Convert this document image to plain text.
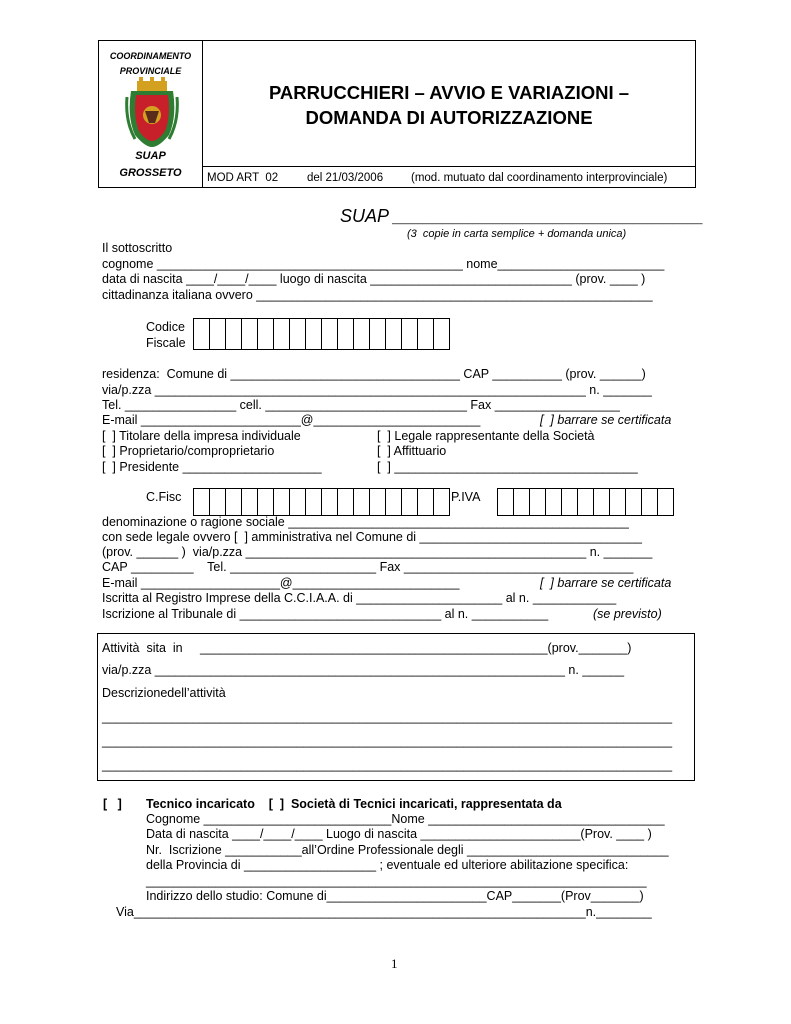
COORDINAMENTO
PROVINCIALE
SUAP
GROSSETO
PARRUCCHIERI – AVVIO E VARIAZIONI –
DOMANDA DI AUTORIZZAZIONE
MOD ART  02	del 21/03/2006 (mod. mutuato dal coordinamento interprovinciale)
SUAP _______________________________
(3  copie in carta semplice + domanda unica)
Il sottoscritto
cognome ____________________________________________ nome________________________
data di nascita ____/____/____ luogo di nascita _____________________________ (prov. ____ )
cittadinanza italiana ovvero _________________________________________________________
Codice
Fiscale
residenza:  Comune di _________________________________ CAP __________ (prov. ______)
via/p.zza ______________________________________________________________ n. _______
Tel. ________________ cell. _____________________________ Fax __________________
E-mail _______________________@________________________	[  ] barrare se certificata
[  ] Titolare della impresa individuale	[  ] Legale rappresentante della Società
[  ] Proprietario/comproprietario	[  ] Affittuario
[  ] Presidente ____________________	[  ] ___________________________________
C.Fisc	P.IVA
denominazione o ragione sociale _________________________________________________
con sede legale ovvero [  ] amministrativa nel Comune di ________________________________
(prov. ______ )  via/p.zza _________________________________________________ n. _______
CAP _________    Tel. _____________________ Fax _________________________________
E-mail ____________________@________________________	[  ] barrare se certificata
Iscritta al Registro Imprese della C.C.I.A.A. di _____________________ al n. ____________
Iscrizione al Tribunale di _____________________________ al n. ___________	(se previsto)
Attività  sita  in     __________________________________________________(prov._______)
via/p.zza ___________________________________________________________ n. ______
Descrizionedell’attività
__________________________________________________________________________________
__________________________________________________________________________________
__________________________________________________________________________________
[   ] Tecnico incaricato    [  ]  Società di Tecnici incaricati, rappresentata da
Cognome ___________________________Nome __________________________________
Data di nascita ____/____/____ Luogo di nascita _______________________(Prov. ____ )
Nr.  Iscrizione ___________all’Ordine Professionale degli _____________________________
della Provincia di ___________________ ; eventuale ed ulteriore abilitazione specifica:
________________________________________________________________________
Indirizzo dello studio: Comune di_______________________CAP_______(Prov_______)
Via_________________________________________________________________n.________
1
